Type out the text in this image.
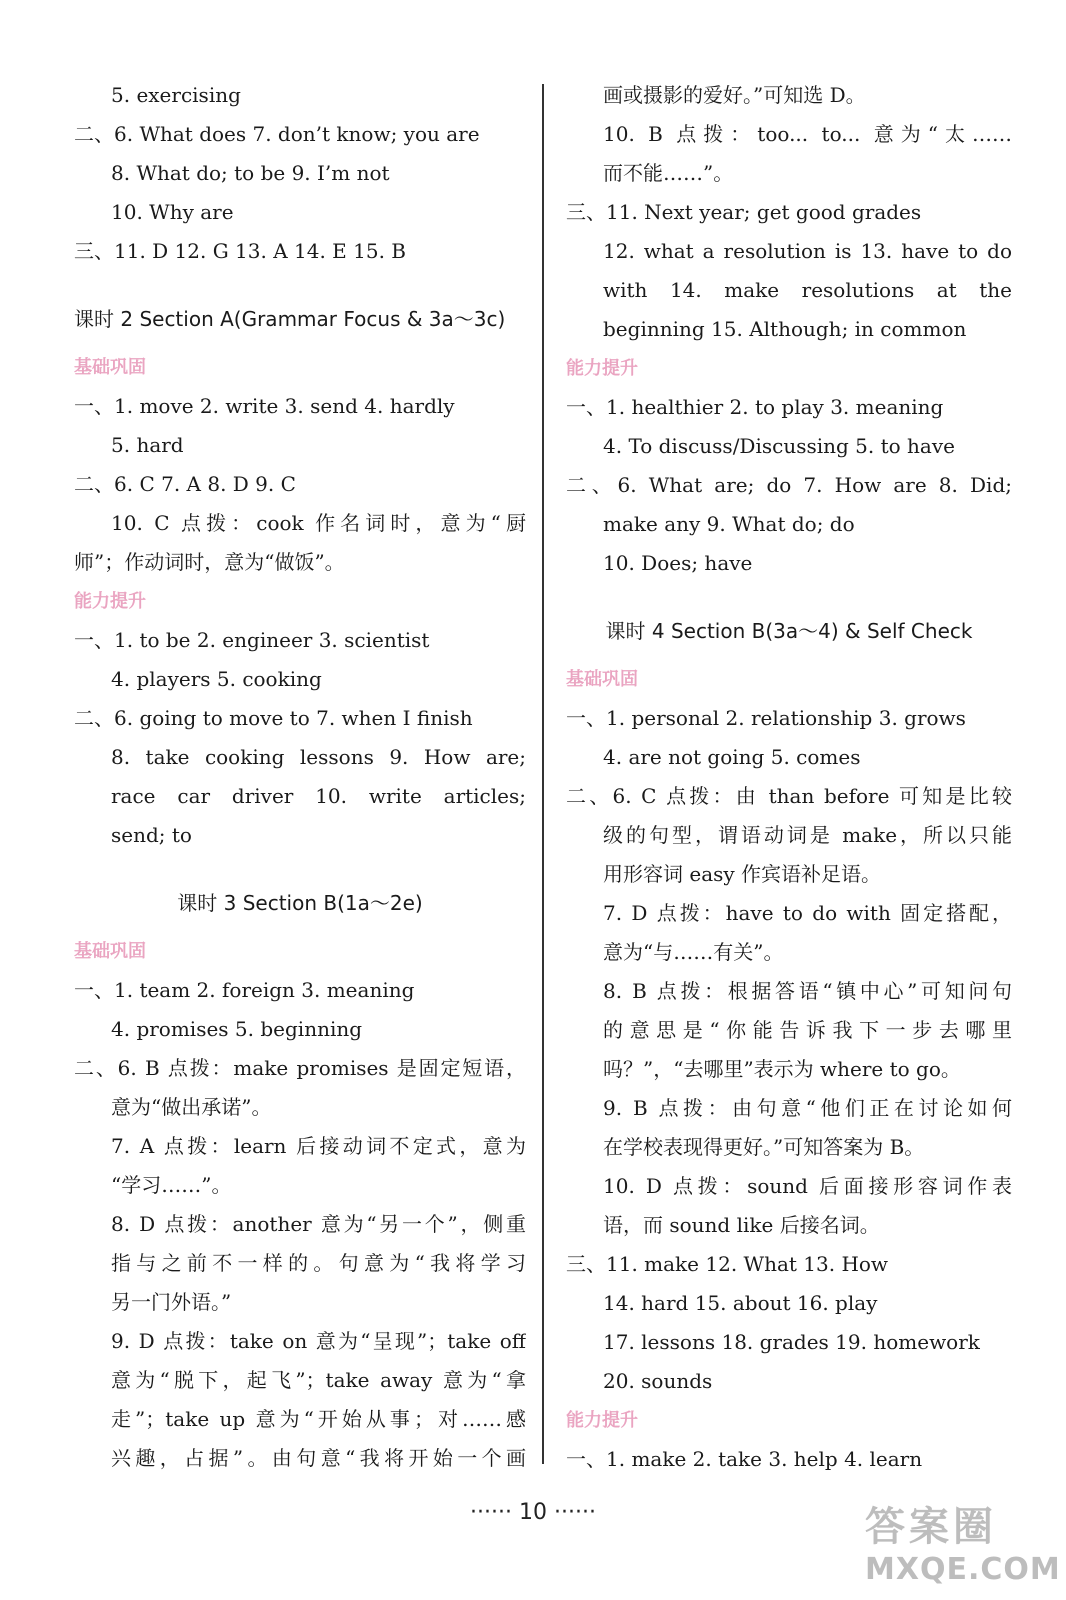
5. exercising
二、6. What does 7. don’t know; you are
8. What do; to be 9. I’m not
10. Why are
三、11. D 12. G 13. A 14. E 15. B
课时 2 Section A(Grammar Focus & 3a～3c)
基础巩固
一、1. move 2. write 3. send 4. hardly
5. hard
二、6. C 7. A 8. D 9. C
10. C 点拨：cook 作名词时，意为“厨
师”；作动词时，意为“做饭”。
能力提升
一、1. to be 2. engineer 3. scientist
4. players 5. cooking
二、6. going to move to 7. when I finish
8. take cooking lessons 9. How are;
race car driver 10. write articles;
send; to
课时 3 Section B(1a～2e)
基础巩固
一、1. team 2. foreign 3. meaning
4. promises 5. beginning
二、6. B 点拨：make promises 是固定短语，
意为“做出承诺”。
7. A 点拨：learn 后接动词不定式，意为
“学习……”。
8. D 点拨：another 意为“另一个”，侧重
指与之前不一样的。句意为“我将学习
另一门外语。”
9. D 点拨：take on 意为“呈现”；take off
意为“脱下，起飞”；take away 意为“拿
走”；take up 意为“开始从事；对……感
兴趣，占据”。由句意“我将开始一个画
画或摄影的爱好。”可知选 D。
10. B 点拨：too... to... 意为“太……
而不能……”。
三、11. Next year; get good grades
12. what a resolution is 13. have to do
with 14. make resolutions at the
beginning 15. Although; in common
能力提升
一、1. healthier 2. to play 3. meaning
4. To discuss/Discussing 5. to have
二、6. What are; do 7. How are 8. Did;
make any 9. What do; do
10. Does; have
课时 4 Section B(3a～4) & Self Check
基础巩固
一、1. personal 2. relationship 3. grows
4. are not going 5. comes
二、6. C 点拨：由 than before 可知是比较
级的句型，谓语动词是 make，所以只能
用形容词 easy 作宾语补足语。
7. D 点拨：have to do with 固定搭配，
意为“与……有关”。
8. B 点拨：根据答语“镇中心”可知问句
的意思是“你能告诉我下一步去哪里
吗？”，“去哪里”表示为 where to go。
9. B 点拨：由句意“他们正在讨论如何
在学校表现得更好。”可知答案为 B。
10. D 点拨：sound 后面接形容词作表
语，而 sound like 后接名词。
三、11. make 12. What 13. How
14. hard 15. about 16. play
17. lessons 18. grades 19. homework
20. sounds
能力提升
一、1. make 2. take 3. help 4. learn
······ 10 ······	答案圈
MXQE.COM
